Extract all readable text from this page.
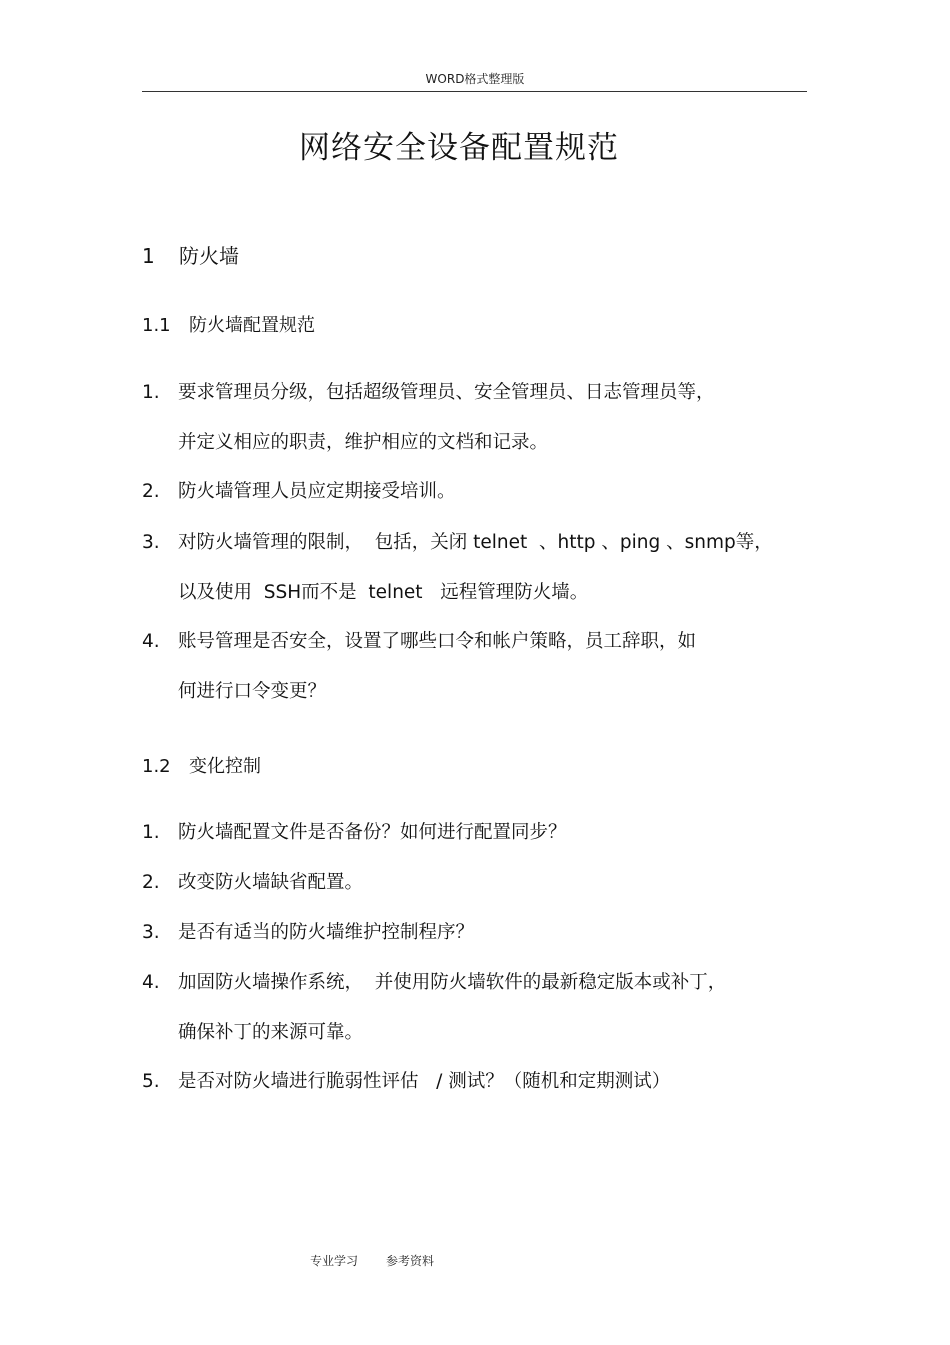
WORD格式整理版
网络安全设备配置规范
1 防火墙
1.1 防火墙配置规范
1. 要求管理员分级，包括超级管理员、安全管理员、日志管理员等，
并定义相应的职责，维护相应的文档和记录。
2. 防火墙管理人员应定期接受培训。
3. 对防火墙管理的限制，  包括，关闭 telnet  、http 、ping 、snmp等，
以及使用  SSH而不是  telnet   远程管理防火墙。
4. 账号管理是否安全，设置了哪些口令和帐户策略，员工辞职，如
何进行口令变更？
1.2 变化控制
1. 防火墙配置文件是否备份？如何进行配置同步？
2. 改变防火墙缺省配置。
3. 是否有适当的防火墙维护控制程序？
4. 加固防火墙操作系统，  并使用防火墙软件的最新稳定版本或补丁，
确保补丁的来源可靠。
5. 是否对防火墙进行脆弱性评估   / 测试？（随机和定期测试）
专业学习 参考资料
